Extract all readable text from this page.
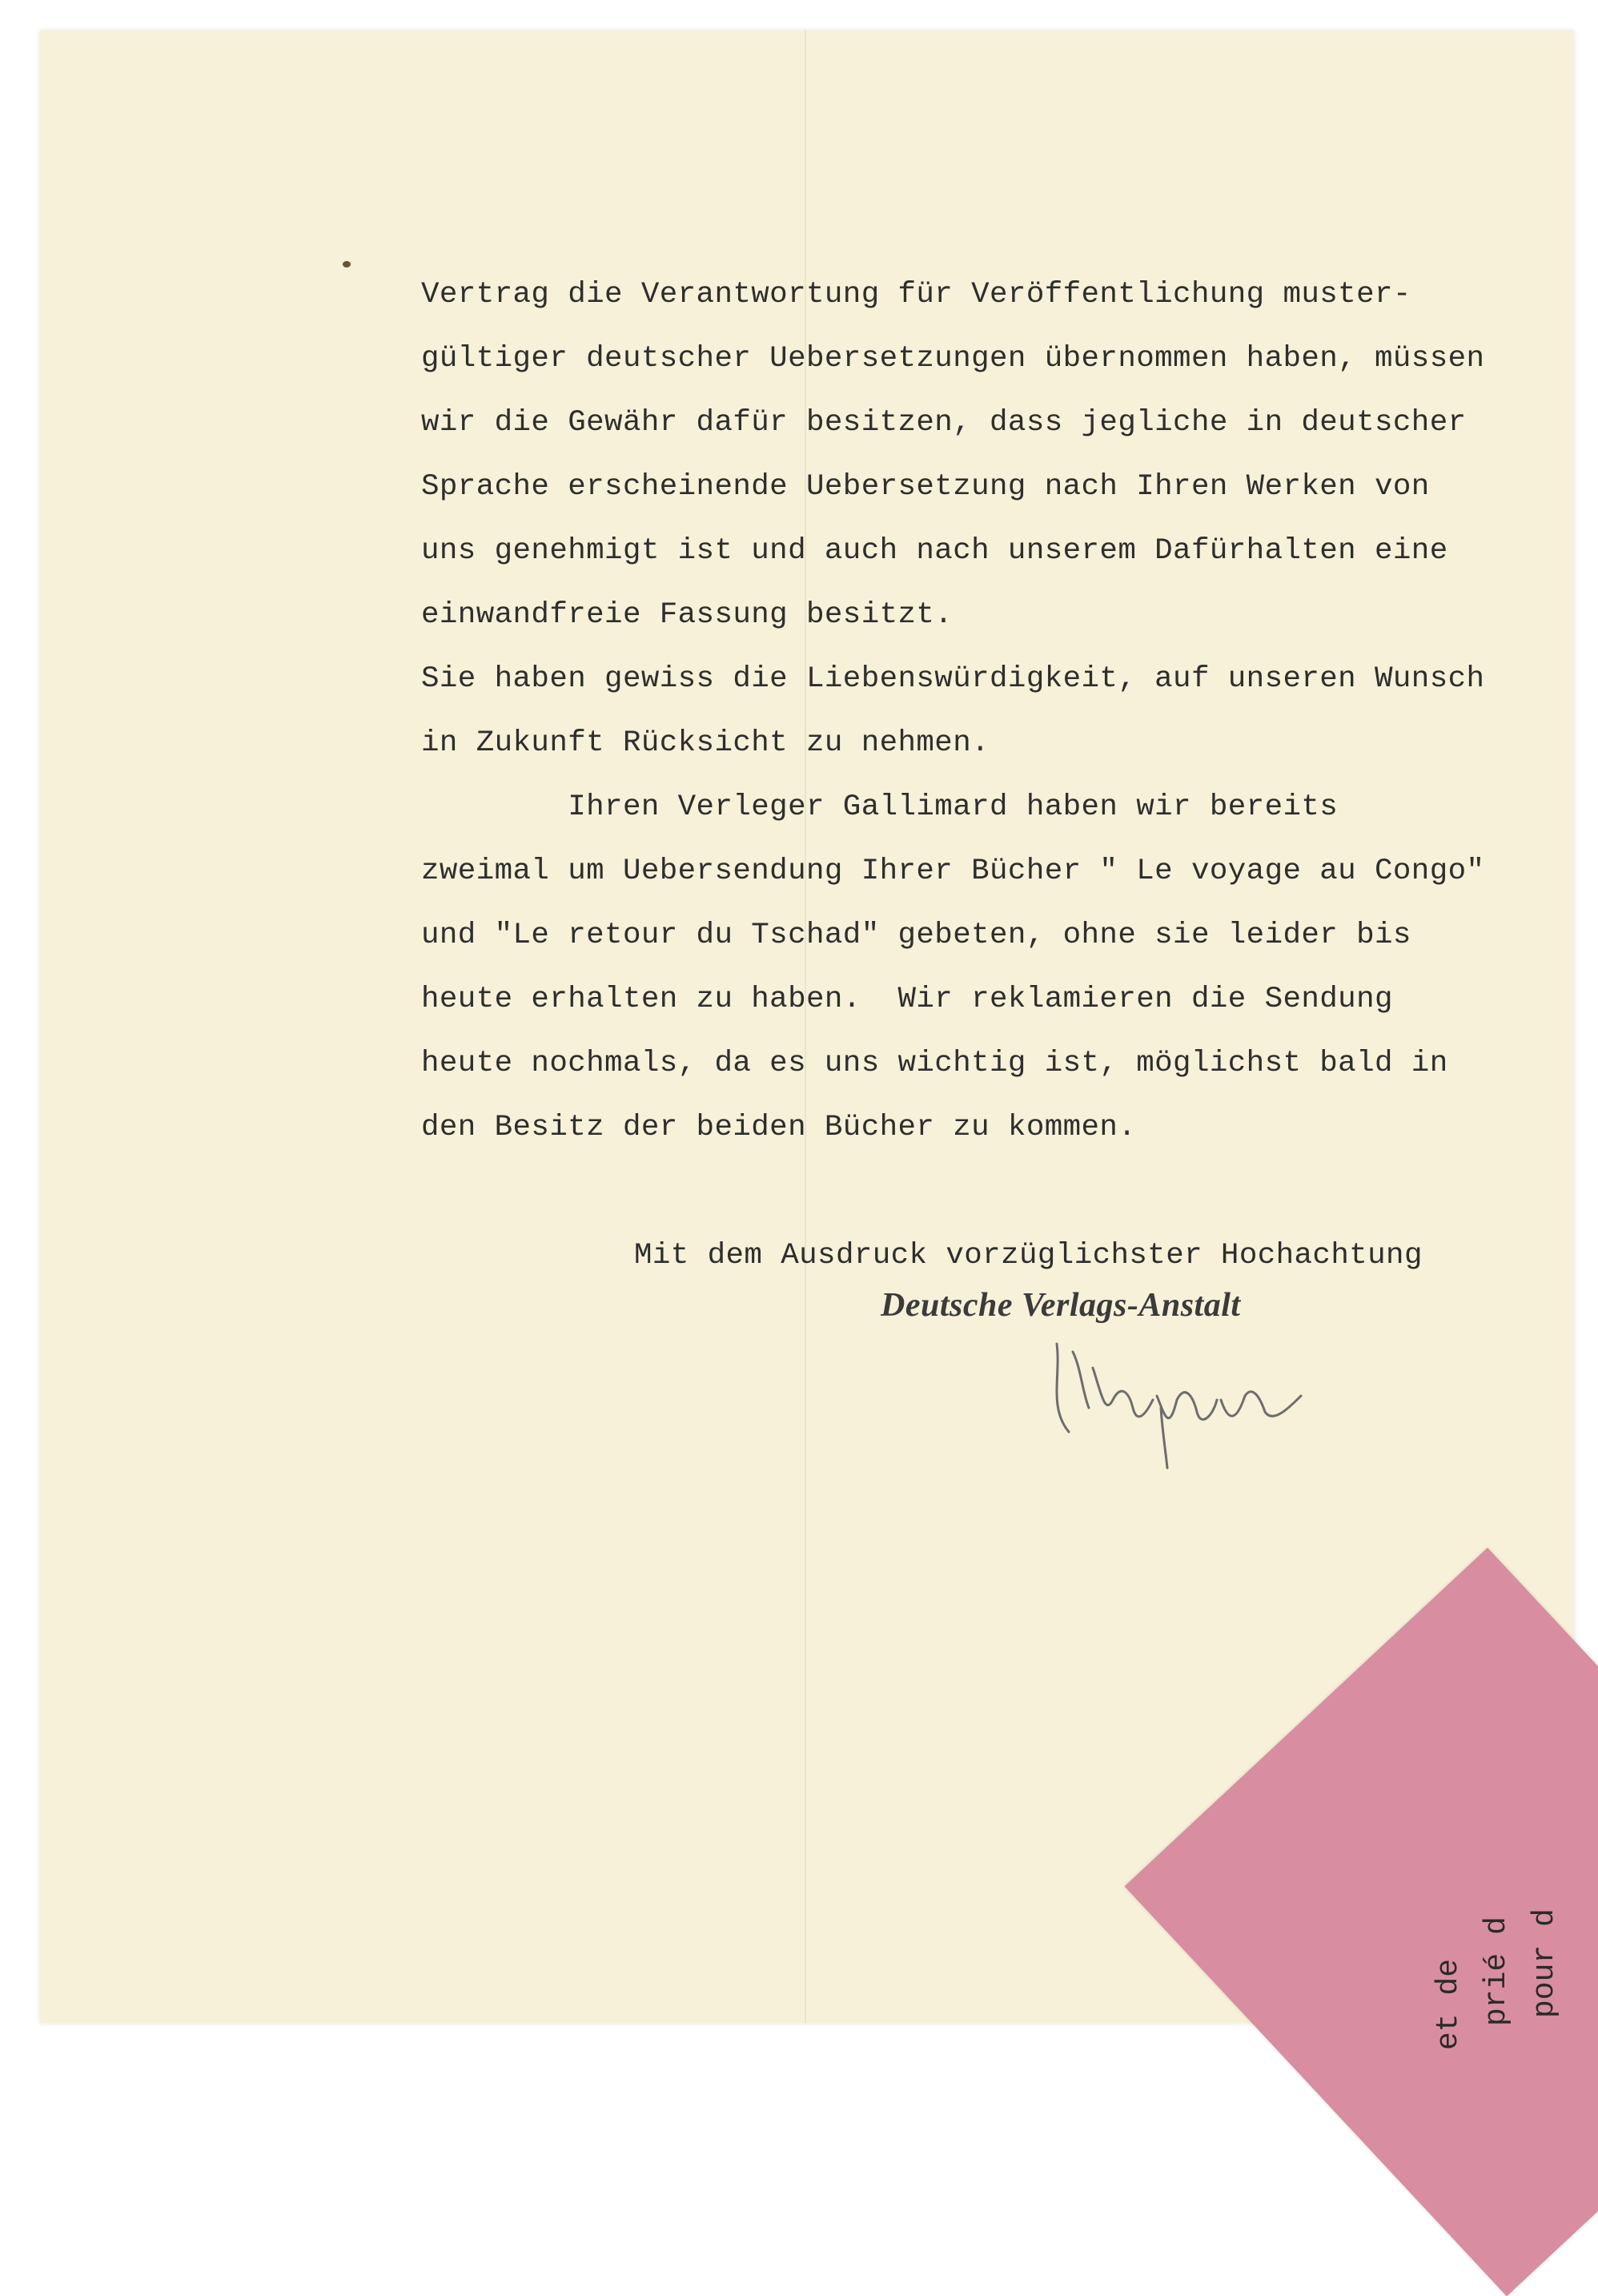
Vertrag die Verantwortung für Veröffentlichung muster-

gültiger deutscher Uebersetzungen übernommen haben, müssen

wir die Gewähr dafür besitzen, dass jegliche in deutscher

Sprache erscheinende Uebersetzung nach Ihren Werken von

uns genehmigt ist und auch nach unserem Dafürhalten eine

einwandfreie Fassung besitzt.

Sie haben gewiss die Liebenswürdigkeit, auf unseren Wunsch

in Zukunft Rücksicht zu nehmen.

Ihren Verleger Gallimard haben wir bereits

zweimal um Uebersendung Ihrer Bücher " Le voyage au Congo"

und "Le retour du Tschad" gebeten, ohne sie leider bis

heute erhalten zu haben.  Wir reklamieren die Sendung

heute nochmals, da es uns wichtig ist, möglichst bald in

den Besitz der beiden Bücher zu kommen.

Mit dem Ausdruck vorzüglichster Hochachtung

Deutsche Verlags-Anstalt
pour d
prié d
et de
